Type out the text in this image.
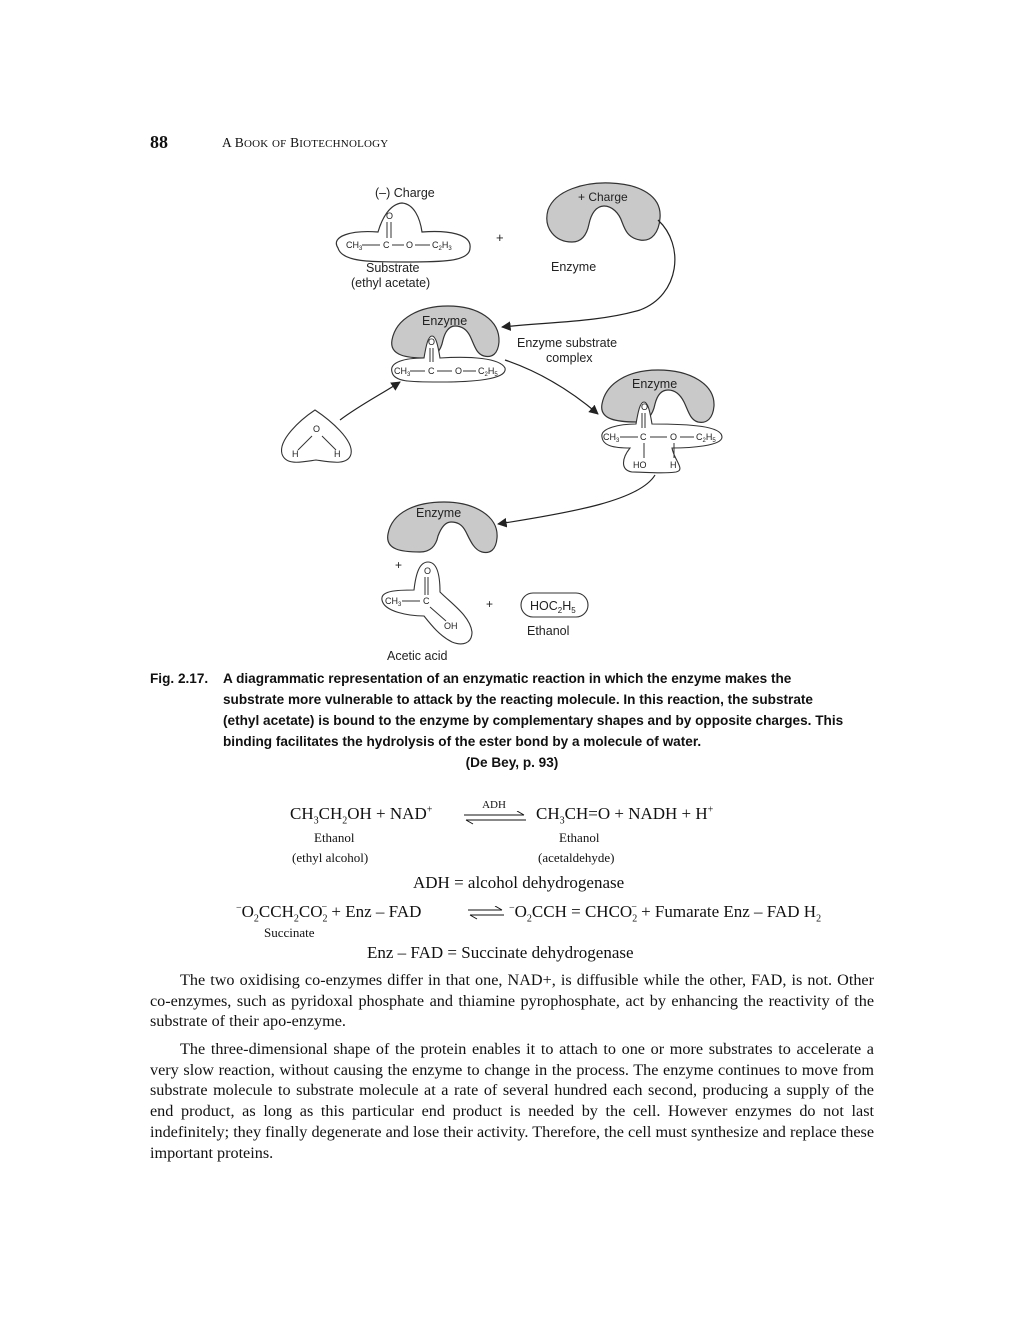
88	A BOOK OF BIOTECHNOLOGY
(–) Charge
O
$CH_3$ C O $C_2H_3$
Substrate
(ethyl acetate)
+
+ Charge
Enzyme
Enzyme
O
$CH_3$ C O $C_2H_5$
Enzyme substrate
complex
O
H	H
Enzyme
O
$CH_3$ C	O $C_2H_5$
HO	H
Enzyme
+ O
$CH_3$ C
OH
Acetic acid
+	$HOC_2H_5$
Ethanol
Fig. 2.17. A diagrammatic representation of an enzymatic reaction in which the enzyme makes the
substrate more vulnerable to attack by the reacting molecule. In this reaction, the substrate
(ethyl acetate) is bound to the enzyme by complementary shapes and by opposite charges. This
binding facilitates the hydrolysis of the ester bond by a molecule of water.
(De Bey, p. 93)
$CH_3CH_2OH + NAD^+$	ADH	$CH_3CH=O$ + NADH + H+
Ethanol
(ethyl alcohol)
Ethanol
(acetaldehyde)
ADH = alcohol dehydrogenase
$^-O_2CCH_2CO_2^-$ + Enz – FAD	⇌ $^-O_2CCH$ = $CHCO_2^-$ + Fumarate Enz – FAD $H_2$
Succinate
Enz – FAD = Succinate dehydrogenase

The two oxidising co-enzymes differ in that one, NAD+, is diffusible while the other, FAD, is not. Other co-enzymes, such as pyridoxal phosphate and thiamine pyrophosphate, act by enhancing the reactivity of the substrate of their apo-enzyme.

The three-dimensional shape of the protein enables it to attach to one or more substrates to accelerate a very slow reaction, without causing the enzyme to change in the process. The enzyme continues to move from substrate molecule to substrate molecule at a rate of several hundred each second, producing a supply of the end product, as long as this particular end product is needed by the cell. However enzymes do not last indefinitely; they finally degenerate and lose their activity. Therefore, the cell must synthesize and replace these important proteins.
